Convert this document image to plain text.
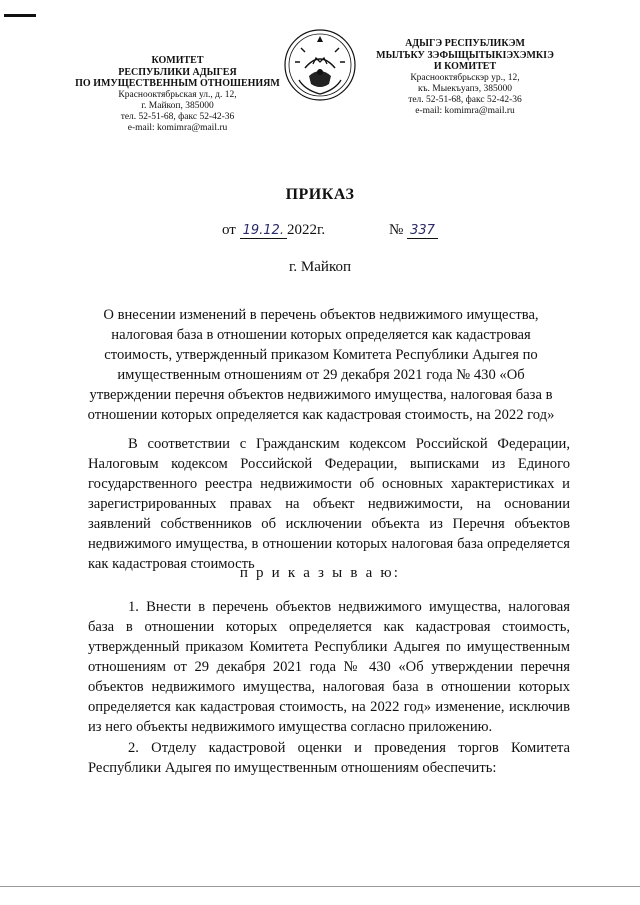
КОМИТЕТ
РЕСПУБЛИКИ АДЫГЕЯ
ПО ИМУЩЕСТВЕННЫМ ОТНОШЕНИЯМ
Краснооктябрьская ул., д. 12,
г. Майкоп, 385000
тел. 52-51-68, факс 52-42-36
e-mail: komimra@mail.ru
АДЫГЭ РЕСПУБЛИКЭМ
МЫЛЪКУ ЗЭФЫЩЫТЫКІЭХЭМКІЭ
И КОМИТЕТ
Краснооктябрьскэр ур., 12,
къ. Мыекъуапэ, 385000
тел. 52-51-68, факс 52-42-36
e-mail: komimra@mail.ru
ПРИКАЗ
от 19.12. 2022г.	№ 337
г. Майкоп
О внесении изменений в перечень объектов недвижимого имущества, налоговая база в отношении которых определяется как кадастровая стоимость, утвержденный приказом Комитета Республики Адыгея по имущественным отношениям от 29 декабря 2021 года № 430 «Об утверждении перечня объектов недвижимого имущества, налоговая база в отношении которых определяется как кадастровая стоимость, на 2022 год»
В соответствии с Гражданским кодексом Российской Федерации, Налоговым кодексом Российской Федерации, выписками из Единого государственного реестра недвижимости об основных характеристиках и зарегистрированных правах на объект недвижимости, на основании заявлений собственников об исключении объекта из Перечня объектов недвижимого имущества, в отношении которых налоговая база определяется как кадастровая стоимость
п р и к а з ы в а ю:
1. Внести в перечень объектов недвижимого имущества, налоговая база в отношении которых определяется как кадастровая стоимость, утвержденный приказом Комитета Республики Адыгея по имущественным отношениям от 29 декабря 2021 года № 430 «Об утверждении перечня объектов недвижимого имущества, налоговая база в отношении которых определяется как кадастровая стоимость, на 2022 год» изменение, исключив из него объекты недвижимого имущества согласно приложению.
2. Отделу кадастровой оценки и проведения торгов Комитета Республики Адыгея по имущественным отношениям обеспечить:
